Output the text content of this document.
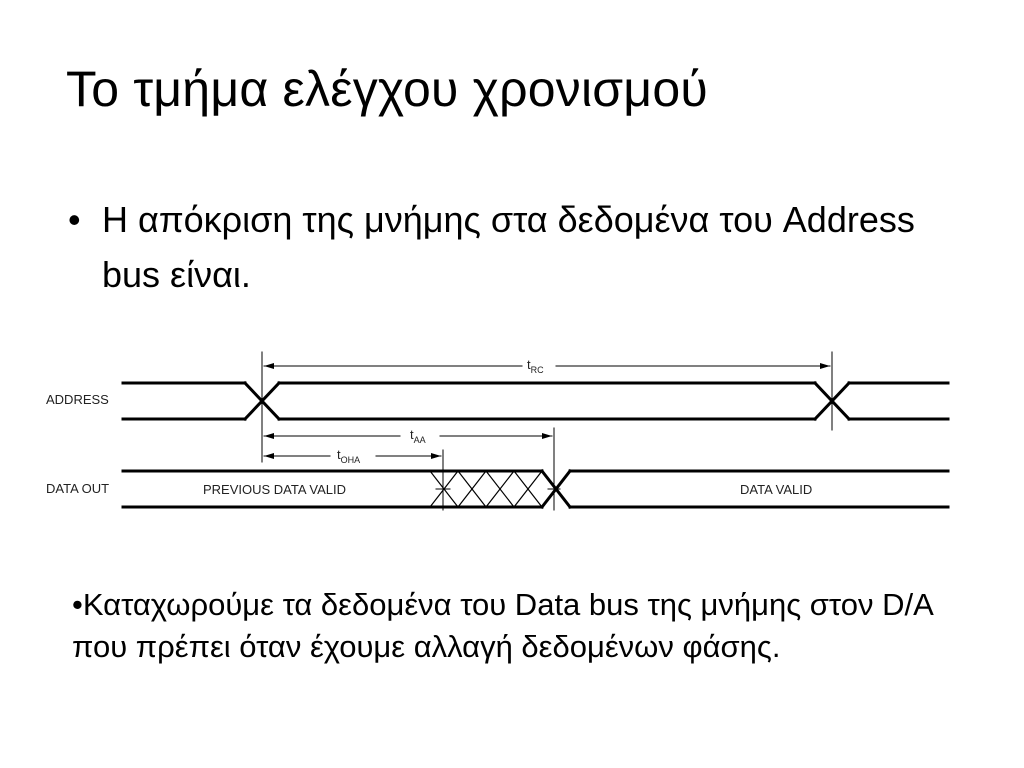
Το τμήμα ελέγχου χρονισμού
• Η απόκριση της μνήμης στα δεδομένα του Address bus είναι.
ADDRESS
DATA OUT	PREVIOUS DATA VALID	DATA VALID
$t_{RC}$
$t_{AA}$
$t_{OHA}$
•Καταχωρούμε τα δεδομένα του Data bus της μνήμης στον D/A που πρέπει όταν έχουμε αλλαγή δεδομένων φάσης.
